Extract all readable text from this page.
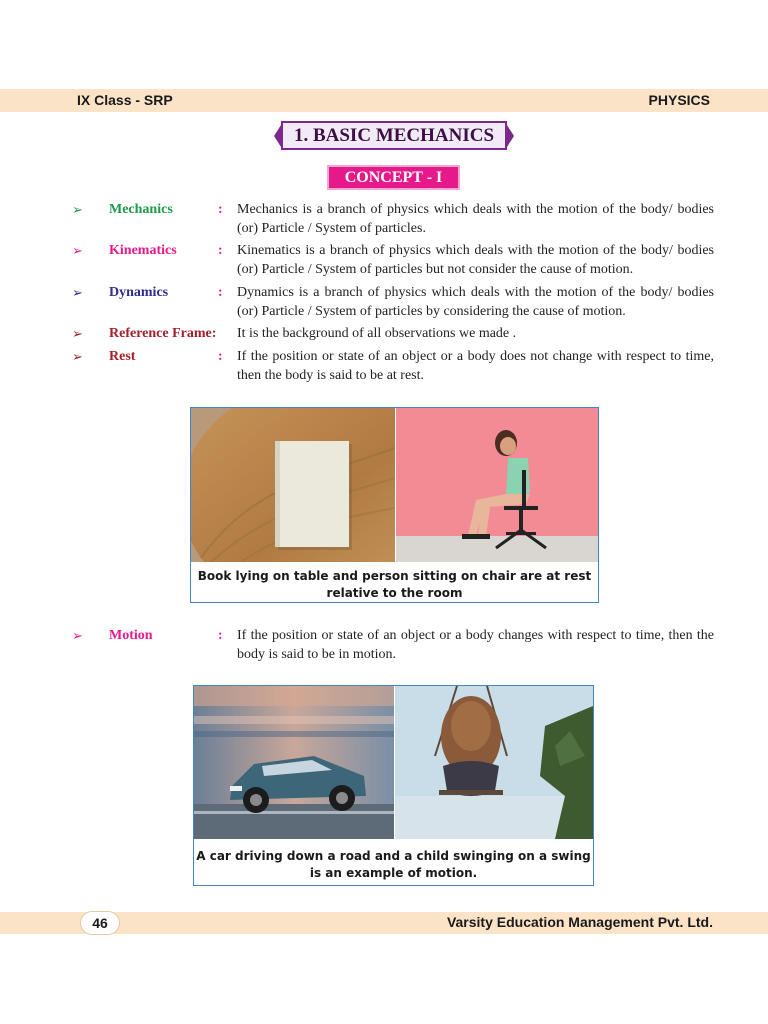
IX Class - SRP	PHYSICS
1. BASIC MECHANICS
CONCEPT - I
➢ Mechanics	: Mechanics is a branch of physics which deals with the motion of the body/ bodies (or) Particle / System of particles.
➢ Kinematics	: Kinematics is a branch of physics which deals with the motion of the body/ bodies (or) Particle / System of particles but not consider the cause of motion.
➢ Dynamics	: Dynamics is a branch of physics which deals with the motion of the body/ bodies (or) Particle / System of particles by considering the cause of motion.
➢ Reference Frame: It is the background of all observations we made .
➢ Rest	: If the position or state of an object or a body does not change with respect to time, then the body is said to be at rest.
Book lying on table and person sitting on chair are at rest
relative to the room
➢ Motion	: If the position or state of an object or a body changes with respect to time, then the body is said to be in motion.
A car driving down a road and a child swinging on a swing
is an example of motion.
46	Varsity Education Management Pvt. Ltd.
